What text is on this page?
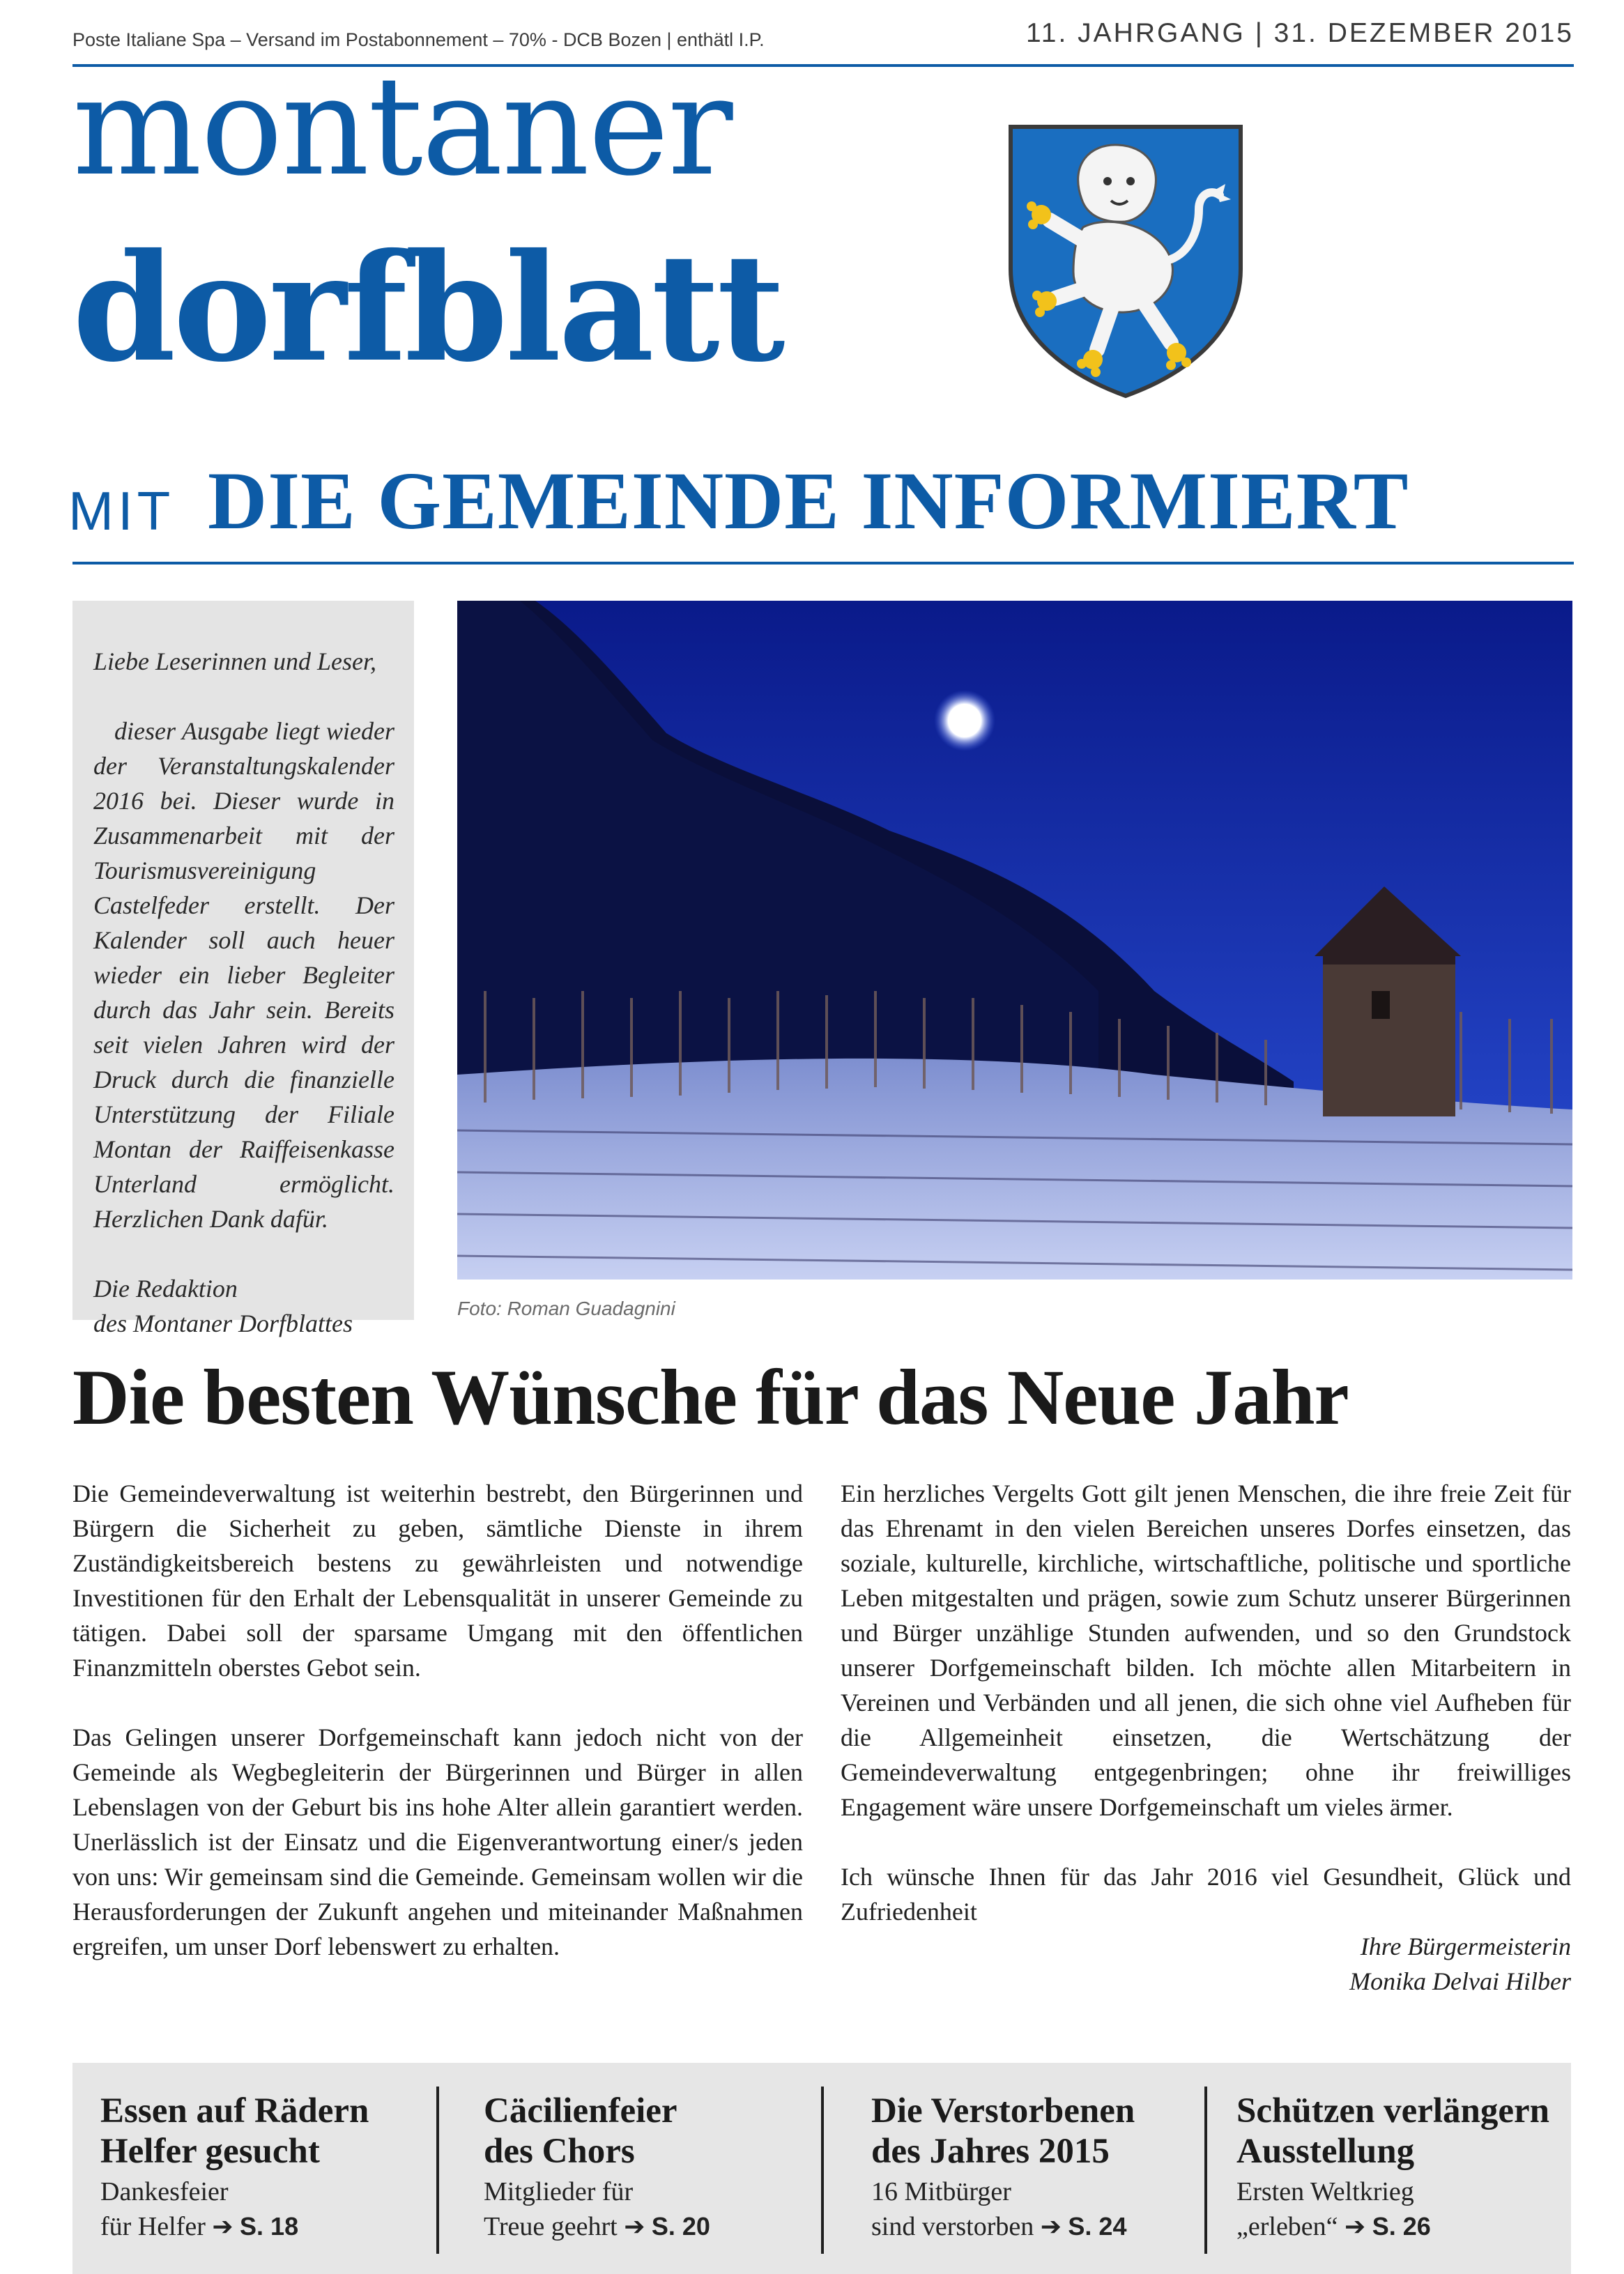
Poste Italiane Spa – Versand im Postabonnement – 70% - DCB Bozen | enthätl I.P.	11. JAHRGANG | 31. DEZEMBER 2015
montaner
dorfblatt
MIT DIE GEMEINDE INFORMIERT
Liebe Leserinnen und Leser,
dieser Ausgabe liegt wieder der Veranstaltungskalender 2016 bei. Dieser wurde in Zusammenarbeit mit der Tourismusvereinigung Castelfeder erstellt. Der Kalender soll auch heuer wieder ein lieber Begleiter durch das Jahr sein. Bereits seit vielen Jahren wird der Druck durch die finanzielle Unterstützung der Filiale Montan der Raiffeisenkasse Unterland ermöglicht. Herzlichen Dank dafür.
Die Redaktion
des Montaner Dorfblattes
Foto: Roman Guadagnini
Die besten Wünsche für das Neue Jahr

Die Gemeindeverwaltung ist weiterhin bestrebt, den Bürgerinnen und Bürgern die Sicherheit zu geben, sämtliche Dienste in ihrem Zuständigkeitsbereich bestens zu gewährleisten und notwendige Investitionen für den Erhalt der Lebensqualität in unserer Gemeinde zu tätigen. Dabei soll der sparsame Umgang mit den öffentlichen Finanzmitteln oberstes Gebot sein.

Das Gelingen unserer Dorfgemeinschaft kann jedoch nicht von der Gemeinde als Wegbegleiterin der Bürgerinnen und Bürger in allen Lebenslagen von der Geburt bis ins hohe Alter allein garantiert werden. Unerlässlich ist der Einsatz und die Eigenverantwortung einer/s jeden von uns: Wir gemeinsam sind die Gemeinde. Gemeinsam wollen wir die Herausforderungen der Zukunft angehen und miteinander Maßnahmen ergreifen, um unser Dorf lebenswert zu erhalten.

Ein herzliches Vergelts Gott gilt jenen Menschen, die ihre freie Zeit für das Ehrenamt in den vielen Bereichen unseres Dorfes einsetzen, das soziale, kulturelle, kirchliche, wirtschaftliche, politische und sportliche Leben mitgestalten und prägen, sowie zum Schutz unserer Bürgerinnen und Bürger unzählige Stunden aufwenden, und so den Grundstock unserer Dorfgemeinschaft bilden. Ich möchte allen Mitarbeitern in Vereinen und Verbänden und all jenen, die sich ohne viel Aufheben für die Allgemeinheit einsetzen, die Wertschätzung der Gemeindeverwaltung entgegenbringen; ohne ihr freiwilliges Engagement wäre unsere Dorfgemeinschaft um vieles ärmer.

Ich wünsche Ihnen für das Jahr 2016 viel Gesundheit, Glück und Zufriedenheit

Ihre Bürgermeisterin
Monika Delvai Hilber
Essen auf Rädern
Helfer gesucht
Dankesfeier
für Helfer ➔ S. 18
Cäcilienfeier
des Chors
Mitglieder für
Treue geehrt ➔ S. 20
Die Verstorbenen
des Jahres 2015
16 Mitbürger
sind verstorben ➔ S. 24
Schützen verlängern
Ausstellung
Ersten Weltkrieg
„erleben“ ➔ S. 26
